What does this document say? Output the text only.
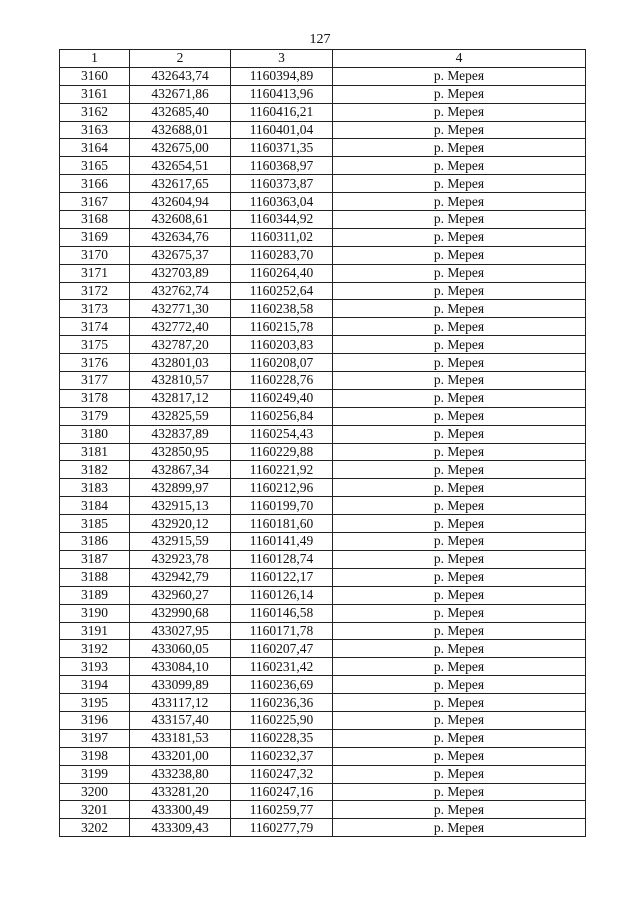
127
1	2	3	4
3160	432643,74	1160394,89	р. Мерея
3161	432671,86	1160413,96	р. Мерея
3162	432685,40	1160416,21	р. Мерея
3163	432688,01	1160401,04	р. Мерея
3164	432675,00	1160371,35	р. Мерея
3165	432654,51	1160368,97	р. Мерея
3166	432617,65	1160373,87	р. Мерея
3167	432604,94	1160363,04	р. Мерея
3168	432608,61	1160344,92	р. Мерея
3169	432634,76	1160311,02	р. Мерея
3170	432675,37	1160283,70	р. Мерея
3171	432703,89	1160264,40	р. Мерея
3172	432762,74	1160252,64	р. Мерея
3173	432771,30	1160238,58	р. Мерея
3174	432772,40	1160215,78	р. Мерея
3175	432787,20	1160203,83	р. Мерея
3176	432801,03	1160208,07	р. Мерея
3177	432810,57	1160228,76	р. Мерея
3178	432817,12	1160249,40	р. Мерея
3179	432825,59	1160256,84	р. Мерея
3180	432837,89	1160254,43	р. Мерея
3181	432850,95	1160229,88	р. Мерея
3182	432867,34	1160221,92	р. Мерея
3183	432899,97	1160212,96	р. Мерея
3184	432915,13	1160199,70	р. Мерея
3185	432920,12	1160181,60	р. Мерея
3186	432915,59	1160141,49	р. Мерея
3187	432923,78	1160128,74	р. Мерея
3188	432942,79	1160122,17	р. Мерея
3189	432960,27	1160126,14	р. Мерея
3190	432990,68	1160146,58	р. Мерея
3191	433027,95	1160171,78	р. Мерея
3192	433060,05	1160207,47	р. Мерея
3193	433084,10	1160231,42	р. Мерея
3194	433099,89	1160236,69	р. Мерея
3195	433117,12	1160236,36	р. Мерея
3196	433157,40	1160225,90	р. Мерея
3197	433181,53	1160228,35	р. Мерея
3198	433201,00	1160232,37	р. Мерея
3199	433238,80	1160247,32	р. Мерея
3200	433281,20	1160247,16	р. Мерея
3201	433300,49	1160259,77	р. Мерея
3202	433309,43	1160277,79	р. Мерея
